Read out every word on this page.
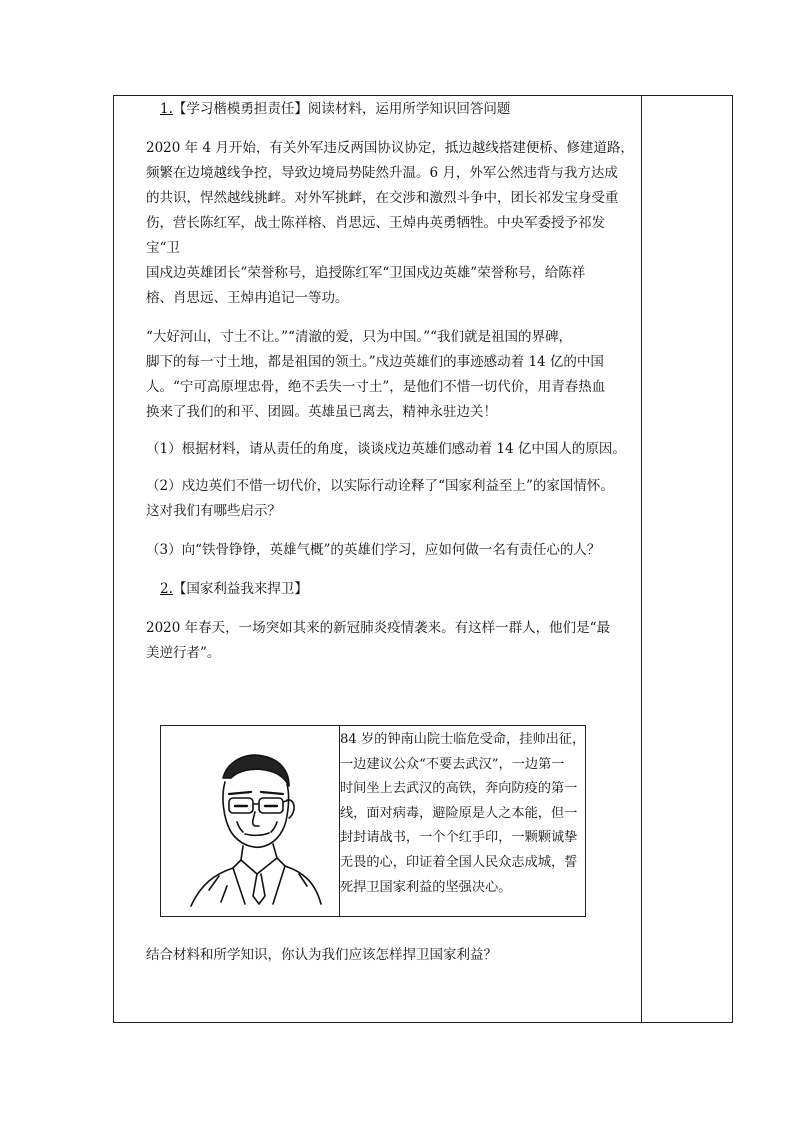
1.【学习楷模勇担责任】阅读材料，运用所学知识回答问题
2020 年 4 月开始，有关外军违反两国协议协定，抵边越线搭建便桥、修建道路，
频繁在边境越线争控，导致边境局势陡然升温。6 月，外军公然违背与我方达成
的共识，悍然越线挑衅。对外军挑衅，在交涉和激烈斗争中，团长祁发宝身受重
伤，营长陈红军，战士陈祥榕、肖思远、王焯冉英勇牺牲。中央军委授予祁发宝“卫
国戍边英雄团长”荣誉称号，追授陈红军“卫国戍边英雄”荣誉称号，给陈祥
榕、肖思远、王焯冉追记一等功。
“大好河山，寸土不让。”“清澈的爱，只为中国。”“我们就是祖国的界碑，
脚下的每一寸土地，都是祖国的领土。”戍边英雄们的事迹感动着 14 亿的中国
人。“宁可高原埋忠骨，绝不丢失一寸土”，是他们不惜一切代价，用青春热血
换来了我们的和平、团圆。英雄虽已离去，精神永驻边关！
（1）根据材料，请从责任的角度，谈谈戍边英雄们感动着 14 亿中国人的原因。
（2）戍边英们不惜一切代价，以实际行动诠释了“国家利益至上”的家国情怀。
这对我们有哪些启示？
（3）向“铁骨铮铮，英雄气概”的英雄们学习，应如何做一名有责任心的人？
2.【国家利益我来捍卫】
2020 年春天，一场突如其来的新冠肺炎疫情袭来。有这样一群人，他们是“最
美逆行者”。
84 岁的钟南山院士临危受命，挂帅出征，
一边建议公众“不要去武汉”，一边第一
时间坐上去武汉的高铁，奔向防疫的第一
线，面对病毒，避险原是人之本能，但一
封封请战书，一个个红手印，一颗颗诚挚
无畏的心，印证着全国人民众志成城，誓
死捍卫国家利益的坚强决心。
结合材料和所学知识，你认为我们应该怎样捍卫国家利益？
